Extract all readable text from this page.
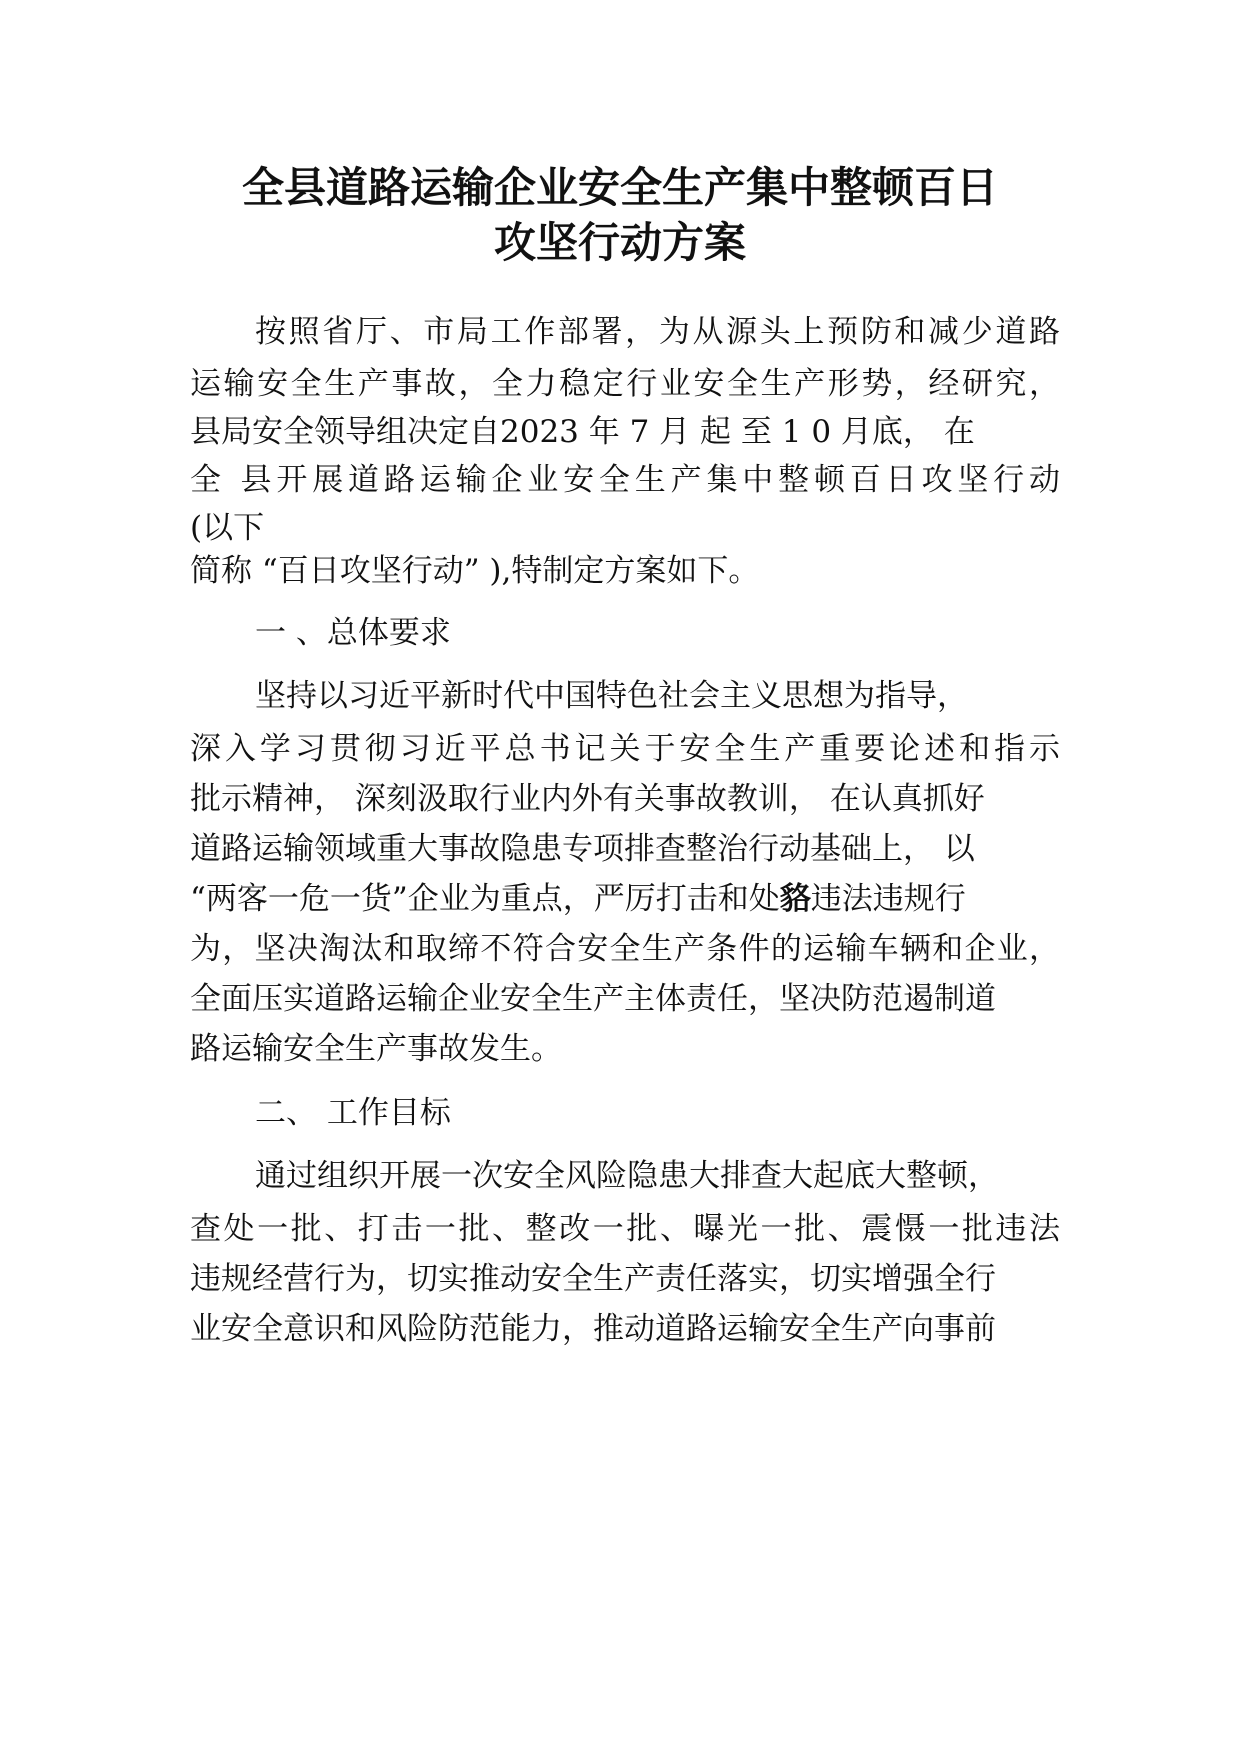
全县道路运输企业安全生产集中整顿百日
攻坚行动方案
按照省厅、市局工作部署，为从源头上预防和减少道路
运输安全生产事故，全力稳定行业安全生产形势，经研究，
县局安全领导组决定自2023 年 7 月 起 至 1 0 月底， 在
全 县开展道路运输企业安全生产集中整顿百日攻坚行动
(以下
简称 “百日攻坚行动” ),特制定方案如下。
一 、总体要求
坚持以习近平新时代中国特色社会主义思想为指导，
深入学习贯彻习近平总书记关于安全生产重要论述和指示
批示精神， 深刻汲取行业内外有关事故教训， 在认真抓好
道路运输领域重大事故隐患专项排查整治行动基础上， 以
“两客一危一货”企业为重点，严厉打击和处貉违法违规行
为，坚决淘汰和取缔不符合安全生产条件的运输车辆和企业，
全面压实道路运输企业安全生产主体责任，坚决防范遏制道
路运输安全生产事故发生。
二、 工作目标
通过组织开展一次安全风险隐患大排查大起底大整顿，
查处一批、打击一批、整改一批、曝光一批、震慑一批违法
违规经营行为，切实推动安全生产责任落实，切实增强全行
业安全意识和风险防范能力，推动道路运输安全生产向事前
